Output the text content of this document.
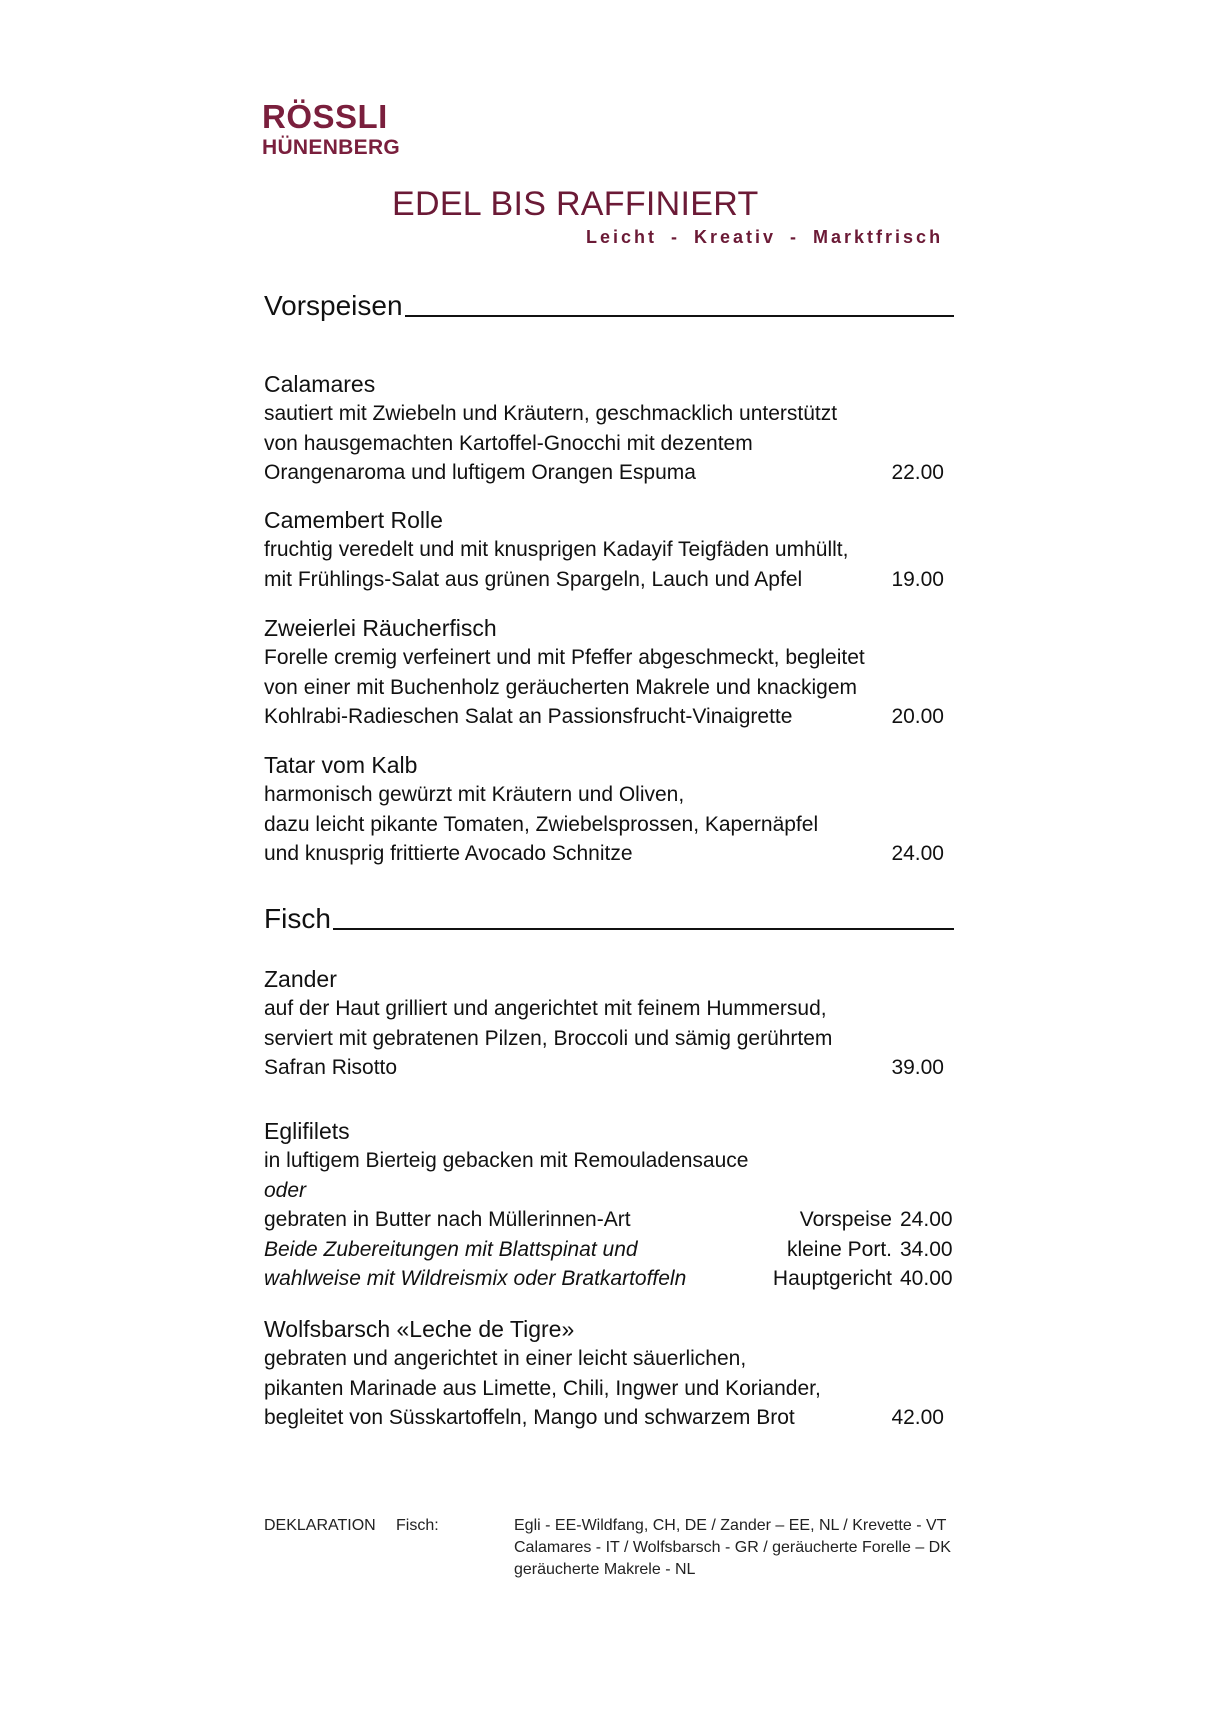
RÖSSLI
HÜNENBERG
EDEL BIS RAFFINIERT
Leicht - Kreativ - Marktfrisch
Vorspeisen
Calamares
sautiert mit Zwiebeln und Kräutern, geschmacklich unterstützt
von hausgemachten Kartoffel-Gnocchi mit dezentem
Orangenaroma und luftigem Orangen Espuma	22.00
Camembert Rolle
fruchtig veredelt und mit knusprigen Kadayif Teigfäden umhüllt,
mit Frühlings-Salat aus grünen Spargeln, Lauch und Apfel	19.00
Zweierlei Räucherfisch
Forelle cremig verfeinert und mit Pfeffer abgeschmeckt, begleitet
von einer mit Buchenholz geräucherten Makrele und knackigem
Kohlrabi-Radieschen Salat an Passionsfrucht-Vinaigrette	20.00
Tatar vom Kalb
harmonisch gewürzt mit Kräutern und Oliven,
dazu leicht pikante Tomaten, Zwiebelsprossen, Kapernäpfel
und knusprig frittierte Avocado Schnitze	24.00
Fisch
Zander
auf der Haut grilliert und angerichtet mit feinem Hummersud,
serviert mit gebratenen Pilzen, Broccoli und sämig gerührtem
Safran Risotto	39.00
Eglifilets
in luftigem Bierteig gebacken mit Remouladensauce
oder
gebraten in Butter nach Müllerinnen-Art	Vorspeise 24.00
Beide Zubereitungen mit Blattspinat und	kleine Port. 34.00
wahlweise mit Wildreismix oder Bratkartoffeln	Hauptgericht 40.00
Wolfsbarsch «Leche de Tigre»
gebraten und angerichtet in einer leicht säuerlichen,
pikanten Marinade aus Limette, Chili, Ingwer und Koriander,
begleitet von Süsskartoffeln, Mango und schwarzem Brot	42.00
DEKLARATION Fisch:	Egli - EE-Wildfang, CH, DE / Zander – EE, NL / Krevette - VT
Calamares - IT / Wolfsbarsch - GR / geräucherte Forelle – DK
geräucherte Makrele - NL
